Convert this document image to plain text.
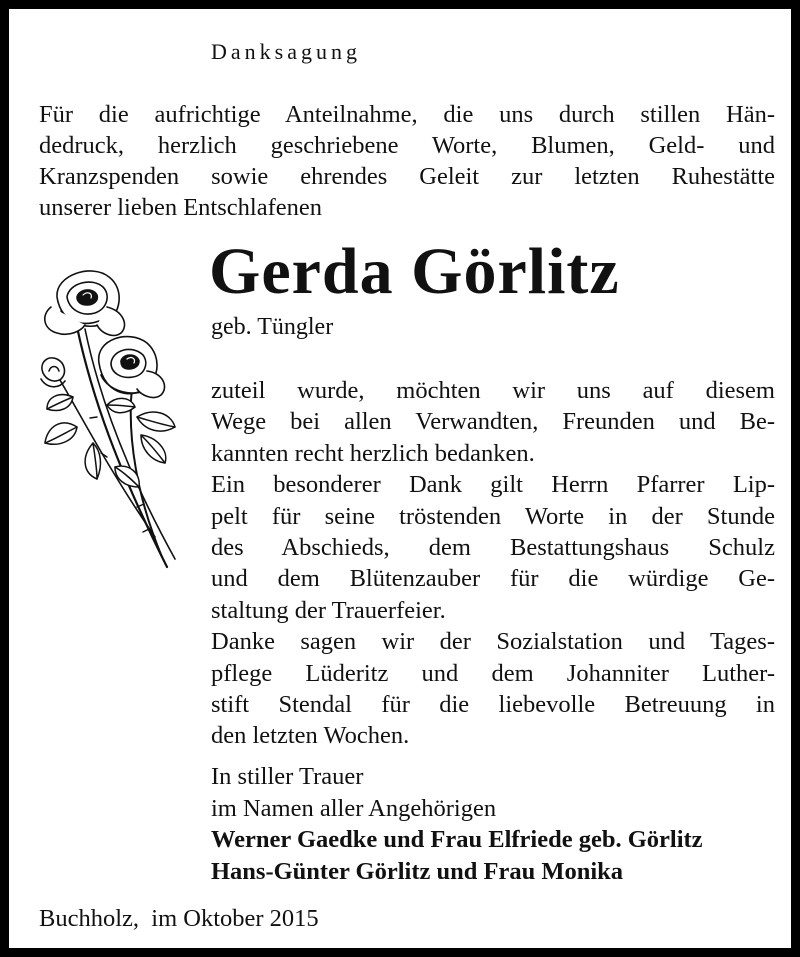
Danksagung
Für die aufrichtige Anteilnahme, die uns durch stillen Hän-
dedruck, herzlich geschriebene Worte, Blumen, Geld- und
Kranzspenden sowie ehrendes Geleit zur letzten Ruhestätte
unserer lieben Entschlafenen
Gerda Görlitz
geb. Tüngler
zuteil wurde, möchten wir uns auf diesem
Wege bei allen Verwandten, Freunden und Be-
kannten recht herzlich bedanken.
Ein besonderer Dank gilt Herrn Pfarrer Lip-
pelt für seine tröstenden Worte in der Stunde
des Abschieds, dem Bestattungshaus Schulz
und dem Blütenzauber für die würdige Ge-
staltung der Trauerfeier.
Danke sagen wir der Sozialstation und Tages-
pflege Lüderitz und dem Johanniter Luther-
stift Stendal für die liebevolle Betreuung in
den letzten Wochen.
In stiller Trauer
im Namen aller Angehörigen
Werner Gaedke und Frau Elfriede geb. Görlitz
Hans-Günter Görlitz und Frau Monika
Buchholz,  im Oktober 2015
